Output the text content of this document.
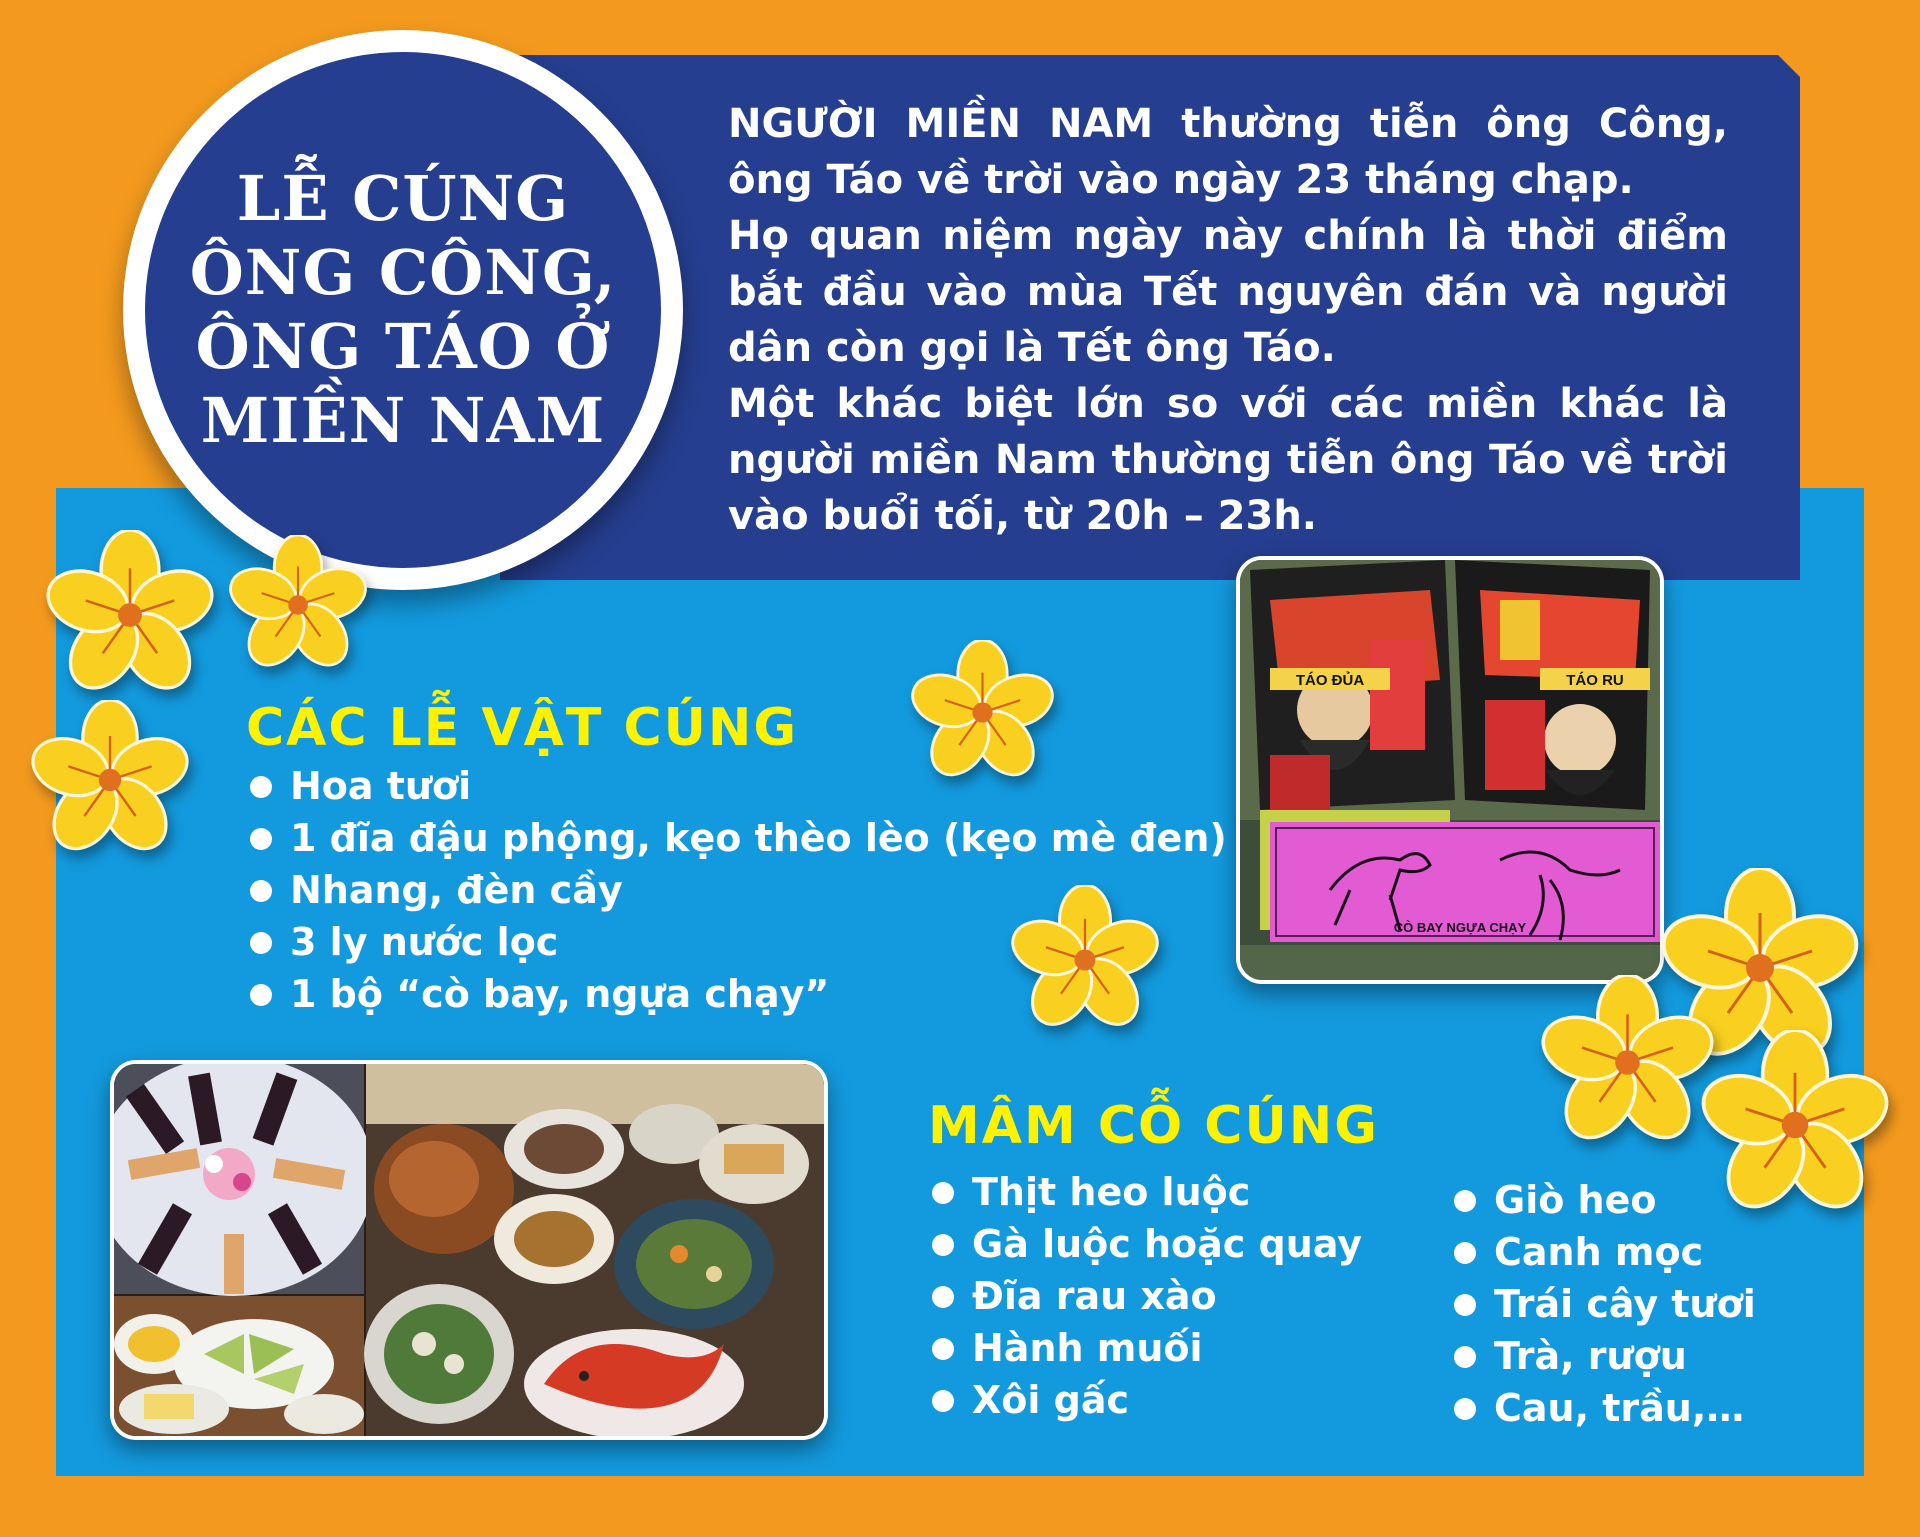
NGƯỜI MIỀN NAM thường tiễn ông Công, ông Táo về trời vào ngày 23 tháng chạp.

Họ quan niệm ngày này chính là thời điểm bắt đầu vào mùa Tết nguyên đán và người dân còn gọi là Tết ông Táo.

Một khác biệt lớn so với các miền khác là người miền Nam thường tiễn ông Táo về trời vào buổi tối, từ 20h – 23h.

LỄ CÚNG
ÔNG CÔNG,
ÔNG TÁO Ở
MIỀN NAM
CÁC LỄ VẬT CÚNG
Hoa tươi
1 đĩa đậu phộng, kẹo thèo lèo (kẹo mè đen)
Nhang, đèn cầy
3 ly nước lọc
1 bộ “cò bay, ngựa chạy”
MÂM CỖ CÚNG
Thịt heo luộc
Gà luộc hoặc quay
Đĩa rau xào
Hành muối
Xôi gấc
Giò heo
Canh mọc
Trái cây tươi
Trà, rượu
Cau, trầu,…
TÁO ĐỦA	TÁO RU
CÒ BAY NGỰA CHẠY
